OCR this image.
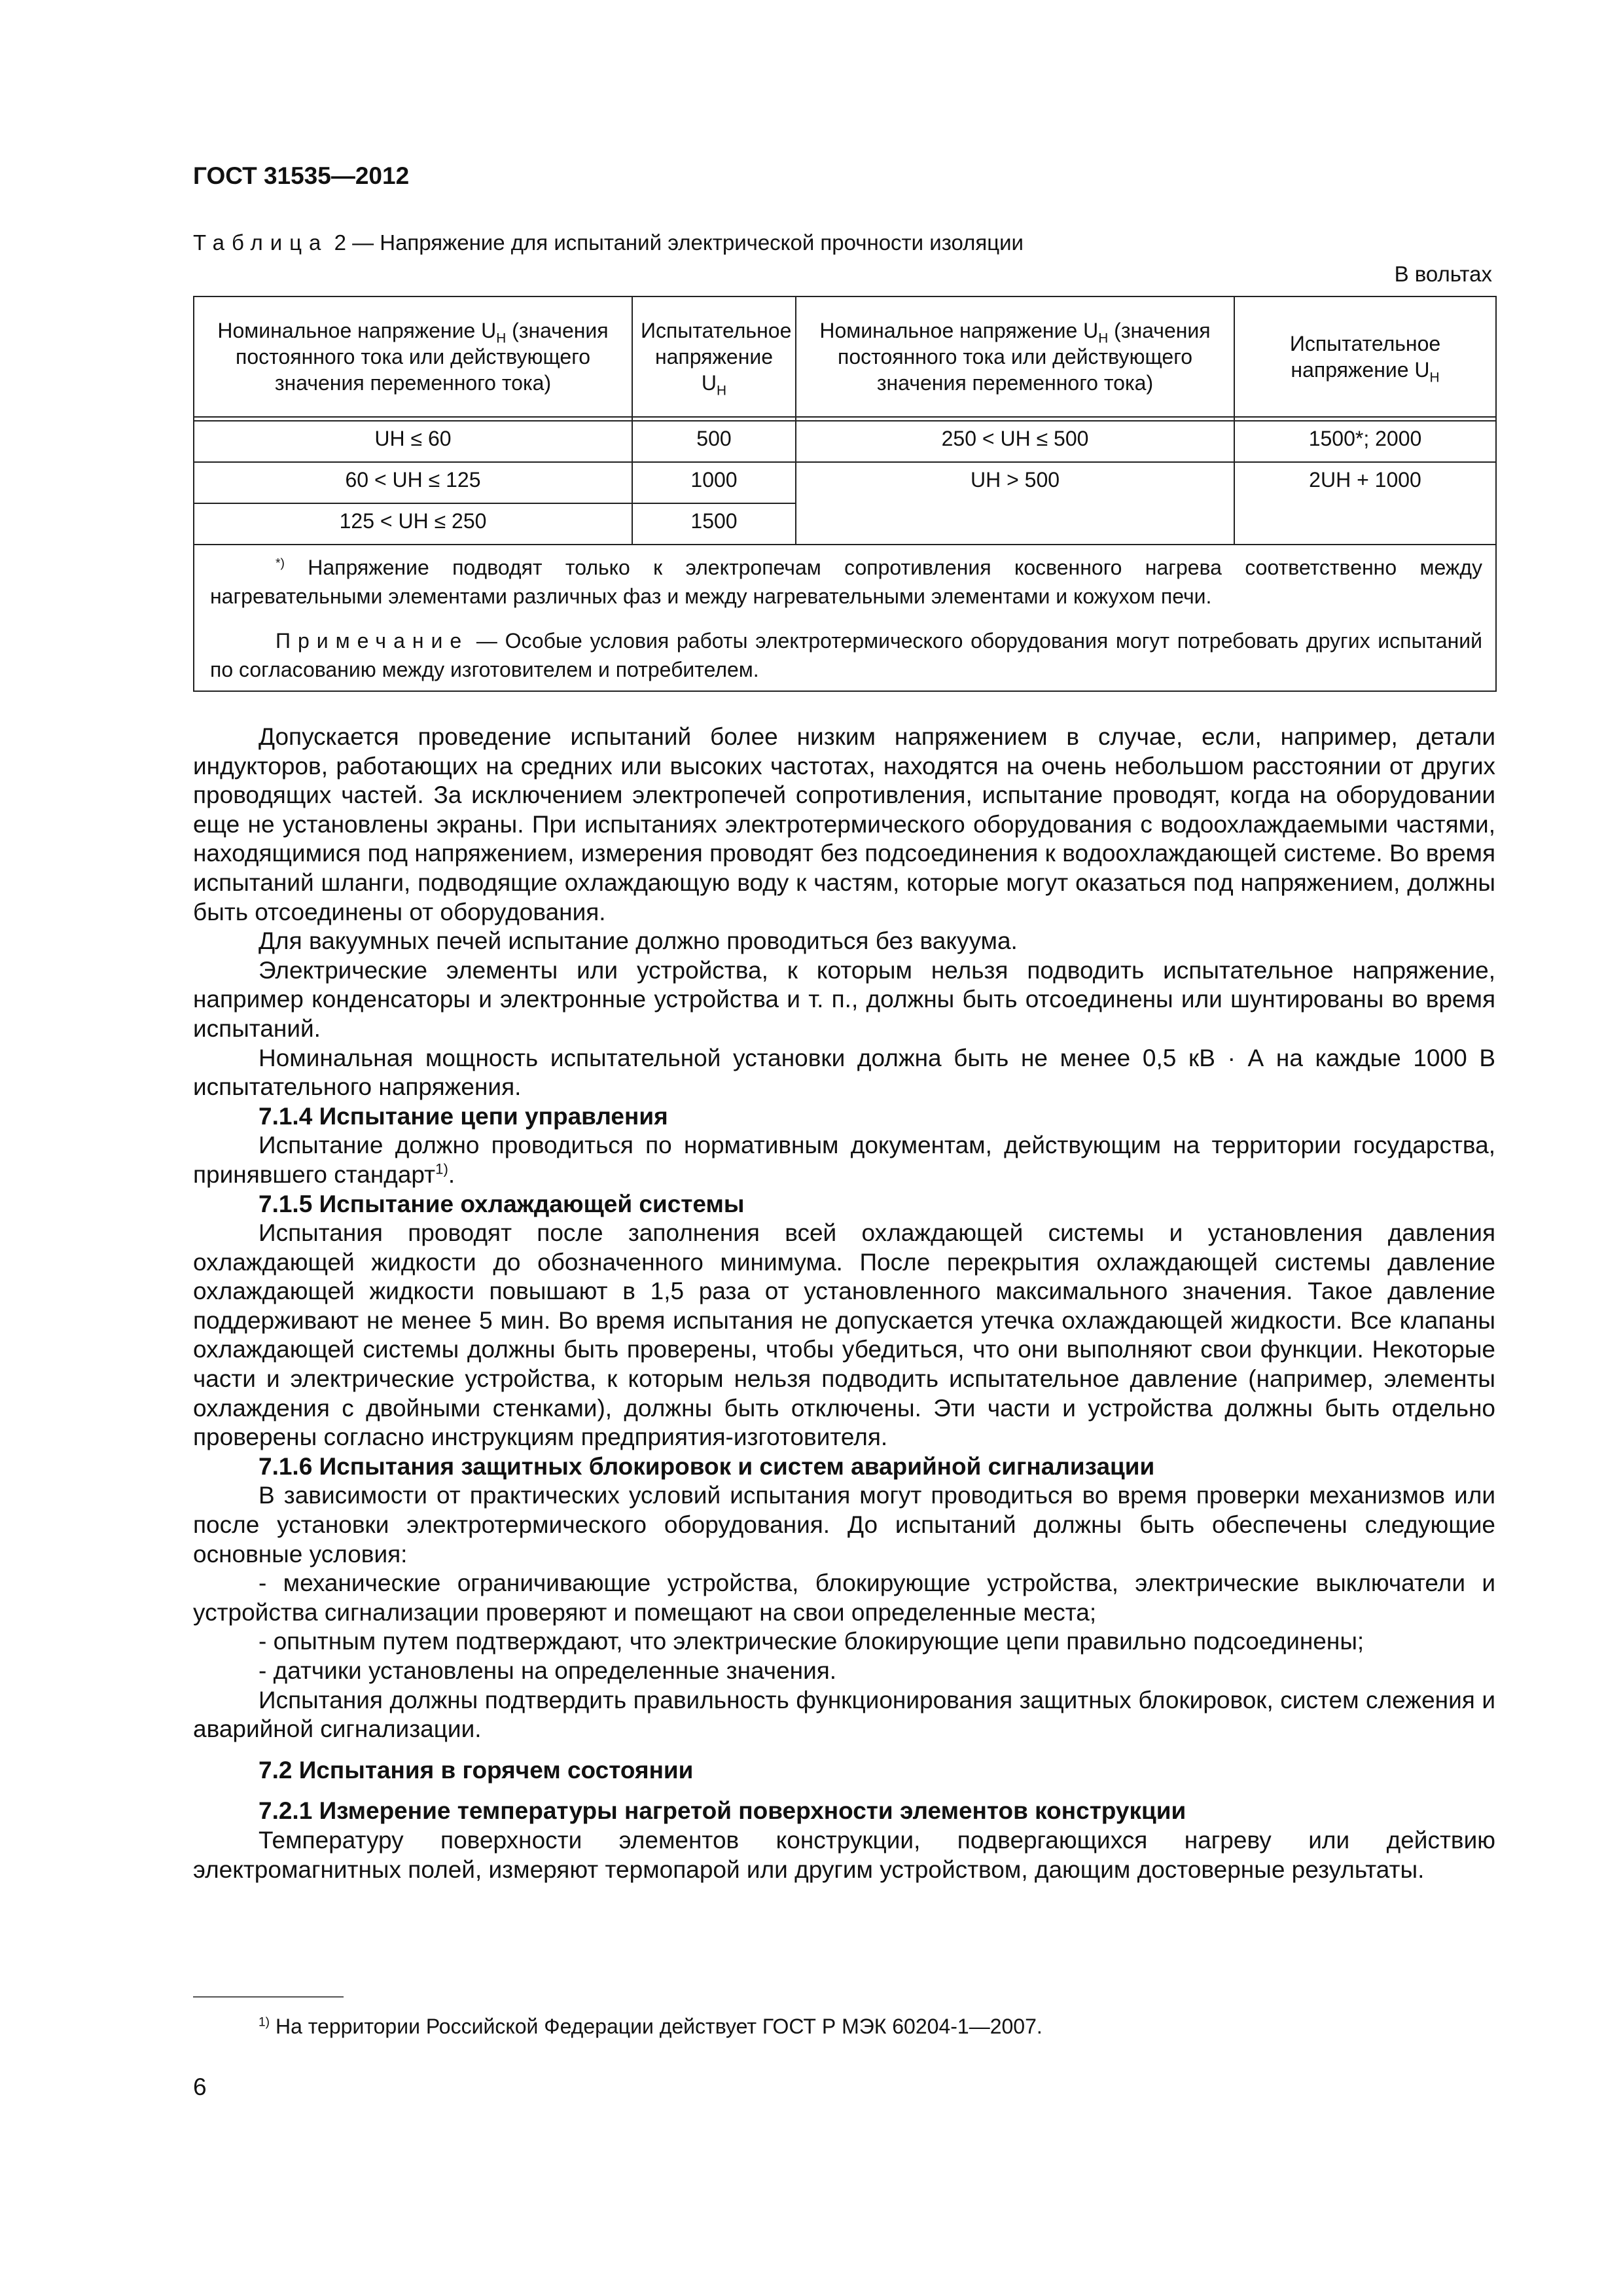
ГОСТ 31535—2012
Таблица 2 — Напряжение для испытаний электрической прочности изоляции
В вольтах
Номинальное напряжение $U_Н$ (значения постоянного тока или действующего значения переменного тока)	Испытательное напряжение $U_Н$	Номинальное напряжение $U_Н$ (значения постоянного тока или действующего значения переменного тока)	Испытательное напряжение $U_Н$

UН ≤ 60	500	250 < UН ≤ 500	1500*; 2000
60 < UН ≤ 125	1000	UН > 500	2UН + 1000
125 < UН ≤ 250	1500		

*) Напряжение подводят только к электропечам сопротивления косвенного нагрева соответственно между нагревательными элементами различных фаз и между нагревательными элементами и кожухом печи.

Примечание — Особые условия работы электротермического оборудования могут потребовать других испытаний по согласованию между изготовителем и потребителем.			

Допускается проведение испытаний более низким напряжением в случае, если, например, детали индукторов, работающих на средних или высоких частотах, находятся на очень небольшом расстоянии от других проводящих частей. За исключением электропечей сопротивления, испытание проводят, когда на оборудовании еще не установлены экраны. При испытаниях электротермического оборудования с водоохлаждаемыми частями, находящимися под напряжением, измерения проводят без подсоединения к водоохлаждающей системе. Во время испытаний шланги, подводящие охлаждающую воду к частям, которые могут оказаться под напряжением, должны быть отсоединены от оборудования.

Для вакуумных печей испытание должно проводиться без вакуума.

Электрические элементы или устройства, к которым нельзя подводить испытательное напряжение, например конденсаторы и электронные устройства и т. п., должны быть отсоединены или шунтированы во время испытаний.

Номинальная мощность испытательной установки должна быть не менее 0,5 кВ · А на каждые 1000 В испытательного напряжения.

7.1.4 Испытание цепи управления

Испытание должно проводиться по нормативным документам, действующим на территории государства, принявшего стандарт$^{1)}$.

7.1.5 Испытание охлаждающей системы

Испытания проводят после заполнения всей охлаждающей системы и установления давления охлаждающей жидкости до обозначенного минимума. После перекрытия охлаждающей системы давление охлаждающей жидкости повышают в 1,5 раза от установленного максимального значения. Такое давление поддерживают не менее 5 мин. Во время испытания не допускается утечка охлаждающей жидкости. Все клапаны охлаждающей системы должны быть проверены, чтобы убедиться, что они выполняют свои функции. Некоторые части и электрические устройства, к которым нельзя подводить испытательное давление (например, элементы охлаждения с двойными стенками), должны быть отключены. Эти части и устройства должны быть отдельно проверены согласно инструкциям предприятия-изготовителя.

7.1.6 Испытания защитных блокировок и систем аварийной сигнализации

В зависимости от практических условий испытания могут проводиться во время проверки механизмов или после установки электротермического оборудования. До испытаний должны быть обеспечены следующие основные условия:

- механические ограничивающие устройства, блокирующие устройства, электрические выключатели и устройства сигнализации проверяют и помещают на свои определенные места;

- опытным путем подтверждают, что электрические блокирующие цепи правильно подсоединены;

- датчики установлены на определенные значения.

Испытания должны подтвердить правильность функционирования защитных блокировок, систем слежения и аварийной сигнализации.

7.2 Испытания в горячем состоянии
7.2.1 Измерение температуры нагретой поверхности элементов конструкции

Температуру поверхности элементов конструкции, подвергающихся нагреву или действию электромагнитных полей, измеряют термопарой или другим устройством, дающим достоверные результаты.

$^{1)}$ На территории Российской Федерации действует ГОСТ Р МЭК 60204-1—2007.
6
